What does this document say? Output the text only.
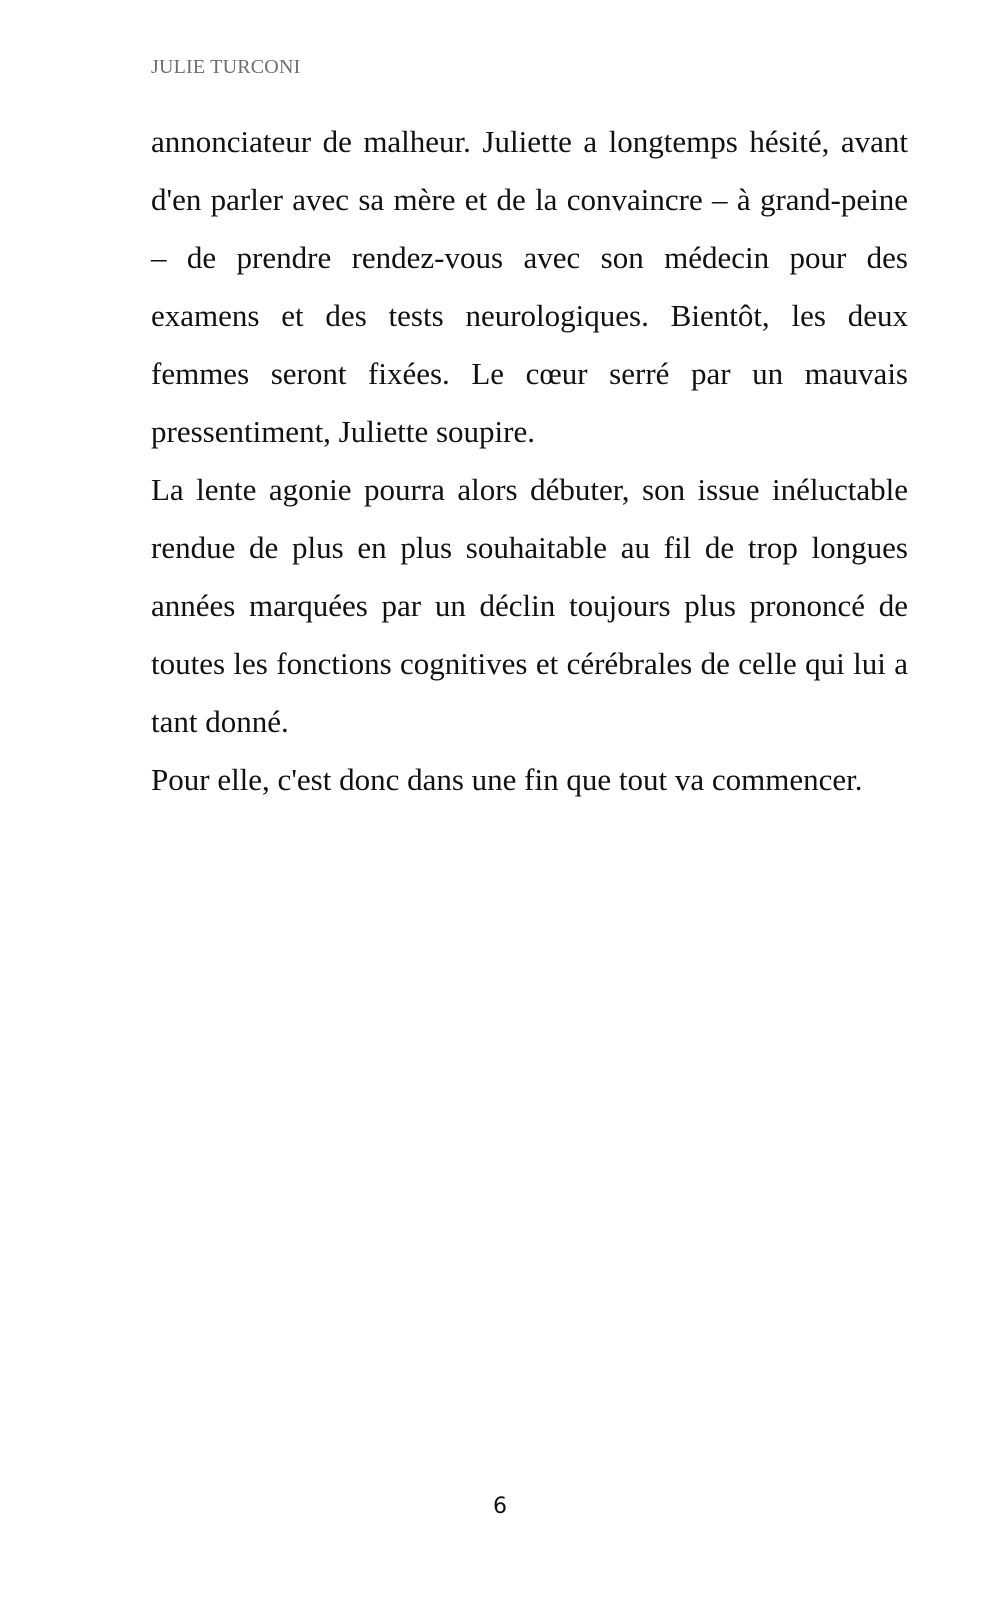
JULIE TURCONI

annonciateur de malheur. Juliette a longtemps hésité, avant d'en parler avec sa mère et de la convaincre – à grand-peine – de prendre rendez-vous avec son médecin pour des examens et des tests neurologiques. Bientôt, les deux femmes seront fixées. Le cœur serré par un mauvais pressentiment, Juliette soupire.

La lente agonie pourra alors débuter, son issue inéluctable rendue de plus en plus souhaitable au fil de trop longues années marquées par un déclin toujours plus prononcé de toutes les fonctions cognitives et cérébrales de celle qui lui a tant donné.

Pour elle, c'est donc dans une fin que tout va commencer.

6
